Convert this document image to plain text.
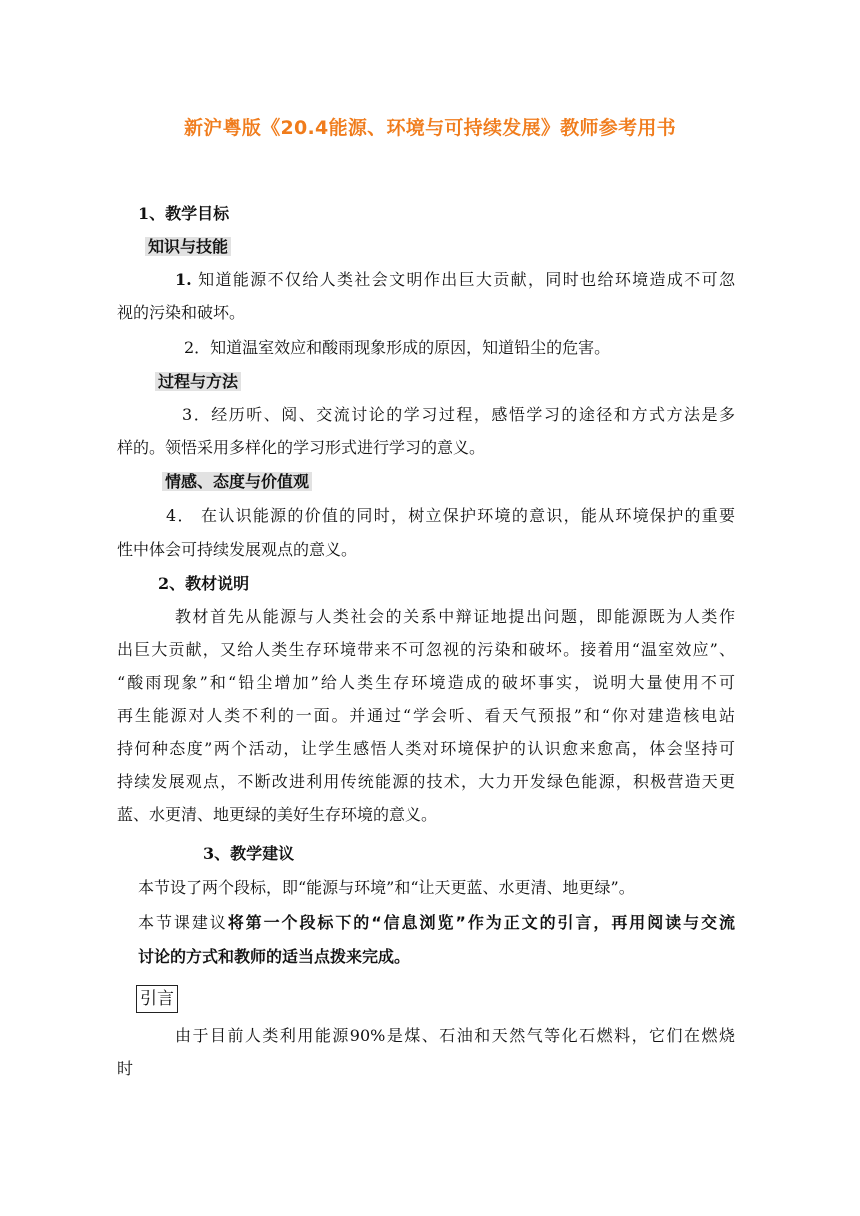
新沪粤版《20.4能源、环境与可持续发展》教师参考用书
1、教学目标
知识与技能
1. 知道能源不仅给人类社会文明作出巨大贡献，同时也给环境造成不可忽
视的污染和破坏。
2．知道温室效应和酸雨现象形成的原因，知道铅尘的危害。
过程与方法
3．经历听、阅、交流讨论的学习过程，感悟学习的途径和方式方法是多
样的。领悟采用多样化的学习形式进行学习的意义。
情感、态度与价值观
4． 在认识能源的价值的同时，树立保护环境的意识，能从环境保护的重要
性中体会可持续发展观点的意义。
2、教材说明
教材首先从能源与人类社会的关系中辩证地提出问题，即能源既为人类作
出巨大贡献，又给人类生存环境带来不可忽视的污染和破坏。接着用“温室效应”、
“酸雨现象”和“铅尘增加”给人类生存环境造成的破坏事实，说明大量使用不可
再生能源对人类不利的一面。并通过“学会听、看天气预报”和“你对建造核电站
持何种态度”两个活动，让学生感悟人类对环境保护的认识愈来愈高，体会坚持可
持续发展观点，不断改进利用传统能源的技术，大力开发绿色能源，积极营造天更
蓝、水更清、地更绿的美好生存环境的意义。
3、教学建议
本节设了两个段标，即“能源与环境”和“让天更蓝、水更清、地更绿”。
本节课建议将第一个段标下的“信息浏览”作为正文的引言，再用阅读与交流
讨论的方式和教师的适当点拨来完成。
引言
由于目前人类利用能源90%是煤、石油和天然气等化石燃料，它们在燃烧
时
